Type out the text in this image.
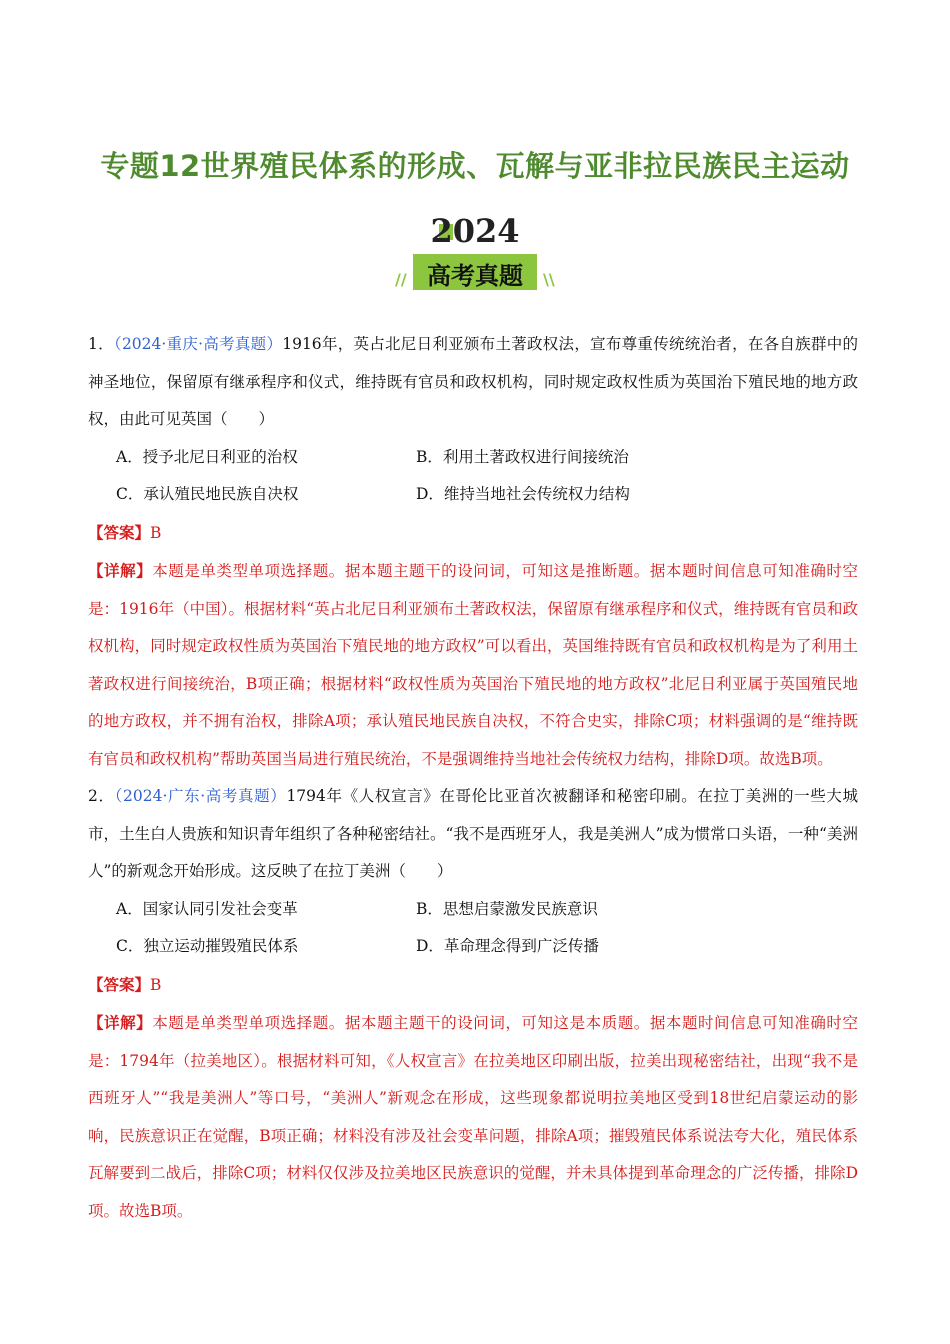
专题12世界殖民体系的形成、瓦解与亚非拉民族民主运动
2024
高考真题
//	\\

1．（2024·重庆·高考真题）1916年，英占北尼日利亚颁布土著政权法，宣布尊重传统统治者，在各自族群中的神圣地位，保留原有继承程序和仪式，维持既有官员和政权机构，同时规定政权性质为英国治下殖民地的地方政权，由此可见英国（　　）

A．授予北尼日利亚的治权	B．利用土著政权进行间接统治
C．承认殖民地民族自决权	D．维持当地社会传统权力结构

【答案】B

【详解】本题是单类型单项选择题。据本题主题干的设问词，可知这是推断题。据本题时间信息可知准确时空是：1916年（中国）。根据材料“英占北尼日利亚颁布土著政权法，保留原有继承程序和仪式，维持既有官员和政权机构，同时规定政权性质为英国治下殖民地的地方政权”可以看出，英国维持既有官员和政权机构是为了利用土著政权进行间接统治，B项正确；根据材料“政权性质为英国治下殖民地的地方政权”北尼日利亚属于英国殖民地的地方政权，并不拥有治权，排除A项；承认殖民地民族自决权，不符合史实，排除C项；材料强调的是“维持既有官员和政权机构”帮助英国当局进行殖民统治，不是强调维持当地社会传统权力结构，排除D项。故选B项。

2．（2024·广东·高考真题）1794年《人权宣言》在哥伦比亚首次被翻译和秘密印刷。在拉丁美洲的一些大城市，土生白人贵族和知识青年组织了各种秘密结社。“我不是西班牙人，我是美洲人”成为惯常口头语，一种“美洲人”的新观念开始形成。这反映了在拉丁美洲（　　）

A．国家认同引发社会变革	B．思想启蒙激发民族意识
C．独立运动摧毁殖民体系	D．革命理念得到广泛传播

【答案】B

【详解】本题是单类型单项选择题。据本题主题干的设问词，可知这是本质题。据本题时间信息可知准确时空是：1794年（拉美地区）。根据材料可知，《人权宣言》在拉美地区印刷出版，拉美出现秘密结社，出现“我不是西班牙人”“我是美洲人”等口号，“美洲人”新观念在形成，这些现象都说明拉美地区受到18世纪启蒙运动的影响，民族意识正在觉醒，B项正确；材料没有涉及社会变革问题，排除A项；摧毁殖民体系说法夸大化，殖民体系瓦解要到二战后，排除C项；材料仅仅涉及拉美地区民族意识的觉醒，并未具体提到革命理念的广泛传播，排除D项。故选B项。
